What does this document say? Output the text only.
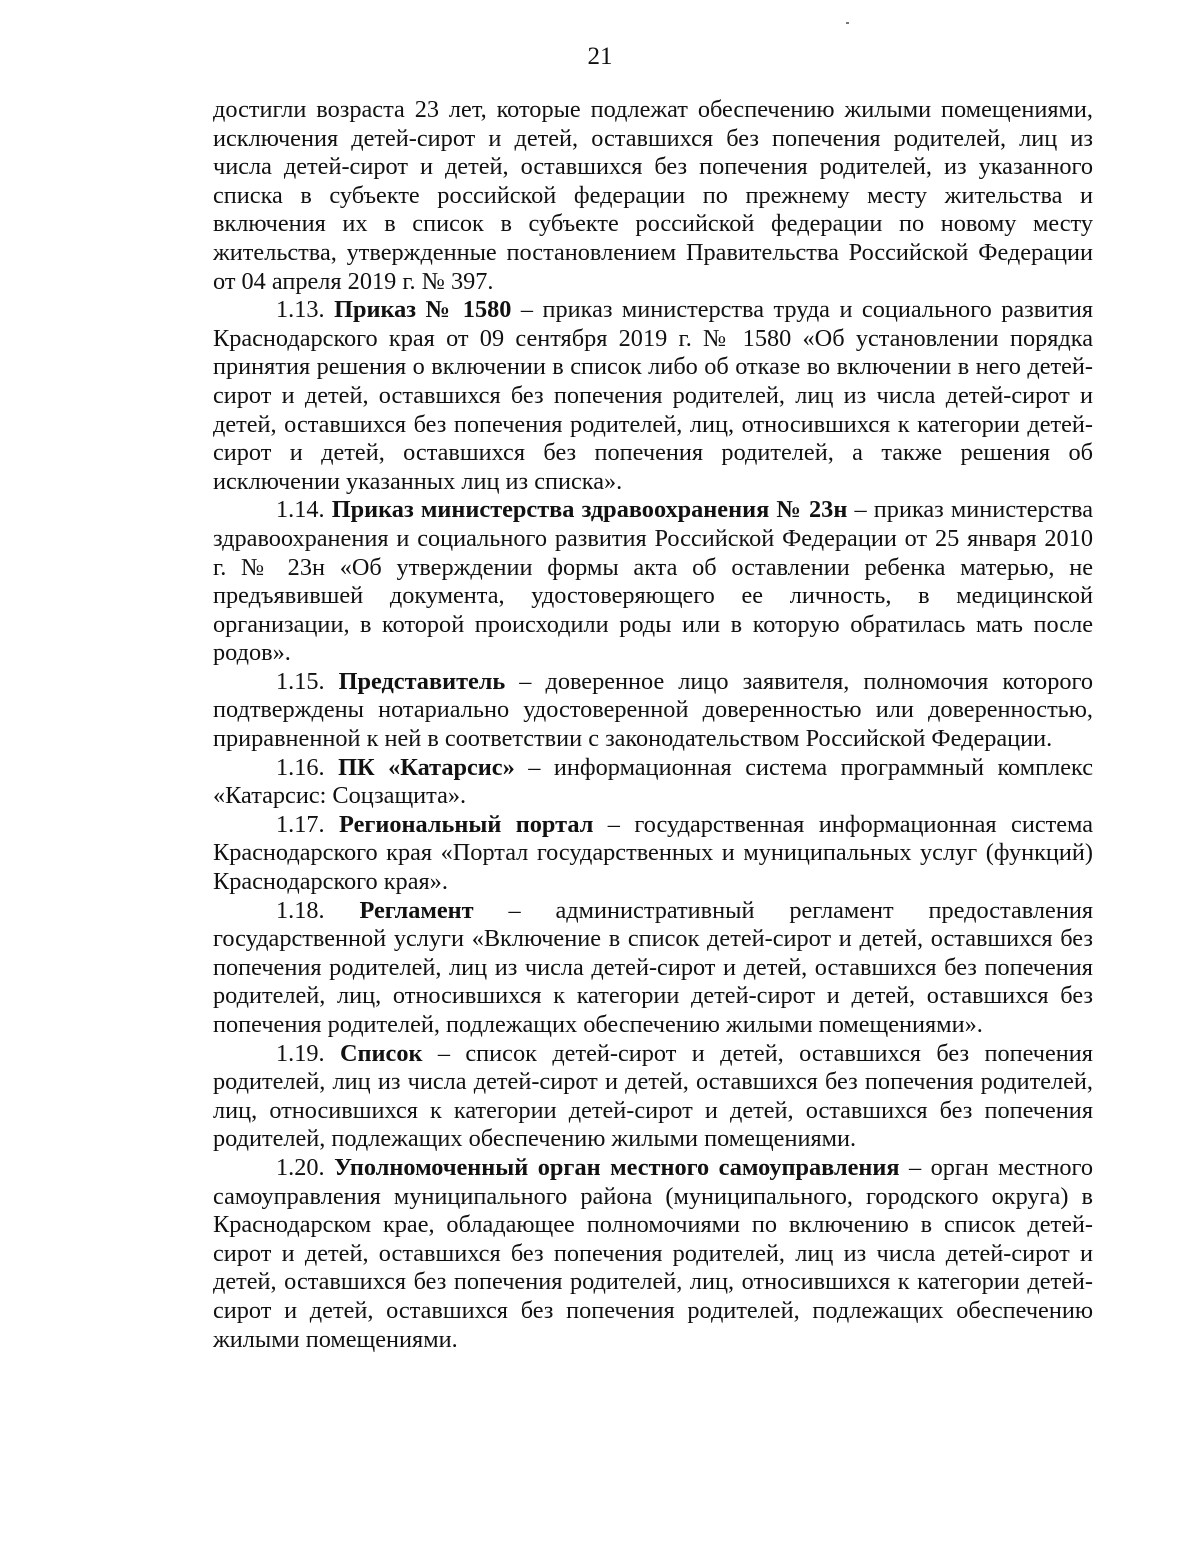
21

достигли возраста 23 лет, которые подлежат обеспечению жилыми помещениями, исключения детей-сирот и детей, оставшихся без попечения родителей, лиц из числа детей-сирот и детей, оставшихся без попечения родителей, из указанного списка в субъекте российской федерации по прежнему месту жительства и включения их в список в субъекте российской федерации по новому месту жительства, утвержденные постановлением Правительства Российской Федерации от 04 апреля 2019 г. № 397.

1.13. Приказ № 1580 – приказ министерства труда и социального развития Краснодарского края от 09 сентября 2019 г. № 1580 «Об установлении порядка принятия решения о включении в список либо об отказе во включении в него детей-сирот и детей, оставшихся без попечения родителей, лиц из числа детей-сирот и детей, оставшихся без попечения родителей, лиц, относившихся к категории детей-сирот и детей, оставшихся без попечения родителей, а также решения об исключении указанных лиц из списка».

1.14. Приказ министерства здравоохранения № 23н – приказ министерства здравоохранения и социального развития Российской Федерации от 25 января 2010 г. № 23н «Об утверждении формы акта об оставлении ребенка матерью, не предъявившей документа, удостоверяющего ее личность, в медицинской организации, в которой происходили роды или в которую обратилась мать после родов».

1.15. Представитель – доверенное лицо заявителя, полномочия которого подтверждены нотариально удостоверенной доверенностью или доверенностью, приравненной к ней в соответствии с законодательством Российской Федерации.

1.16. ПК «Катарсис» – информационная система программный комплекс «Катарсис: Соцзащита».

1.17. Региональный портал – государственная информационная система Краснодарского края «Портал государственных и муниципальных услуг (функций) Краснодарского края».

1.18. Регламент – административный регламент предоставления государственной услуги «Включение в список детей-сирот и детей, оставшихся без попечения родителей, лиц из числа детей-сирот и детей, оставшихся без попечения родителей, лиц, относившихся к категории детей-сирот и детей, оставшихся без попечения родителей, подлежащих обеспечению жилыми помещениями».

1.19. Список – список детей-сирот и детей, оставшихся без попечения родителей, лиц из числа детей-сирот и детей, оставшихся без попечения родителей, лиц, относившихся к категории детей-сирот и детей, оставшихся без попечения родителей, подлежащих обеспечению жилыми помещениями.

1.20. Уполномоченный орган местного самоуправления – орган местного самоуправления муниципального района (муниципального, городского округа) в Краснодарском крае, обладающее полномочиями по включению в список детей-сирот и детей, оставшихся без попечения родителей, лиц из числа детей-сирот и детей, оставшихся без попечения родителей, лиц, относившихся к категории детей-сирот и детей, оставшихся без попечения родителей, подлежащих обеспечению жилыми помещениями.
